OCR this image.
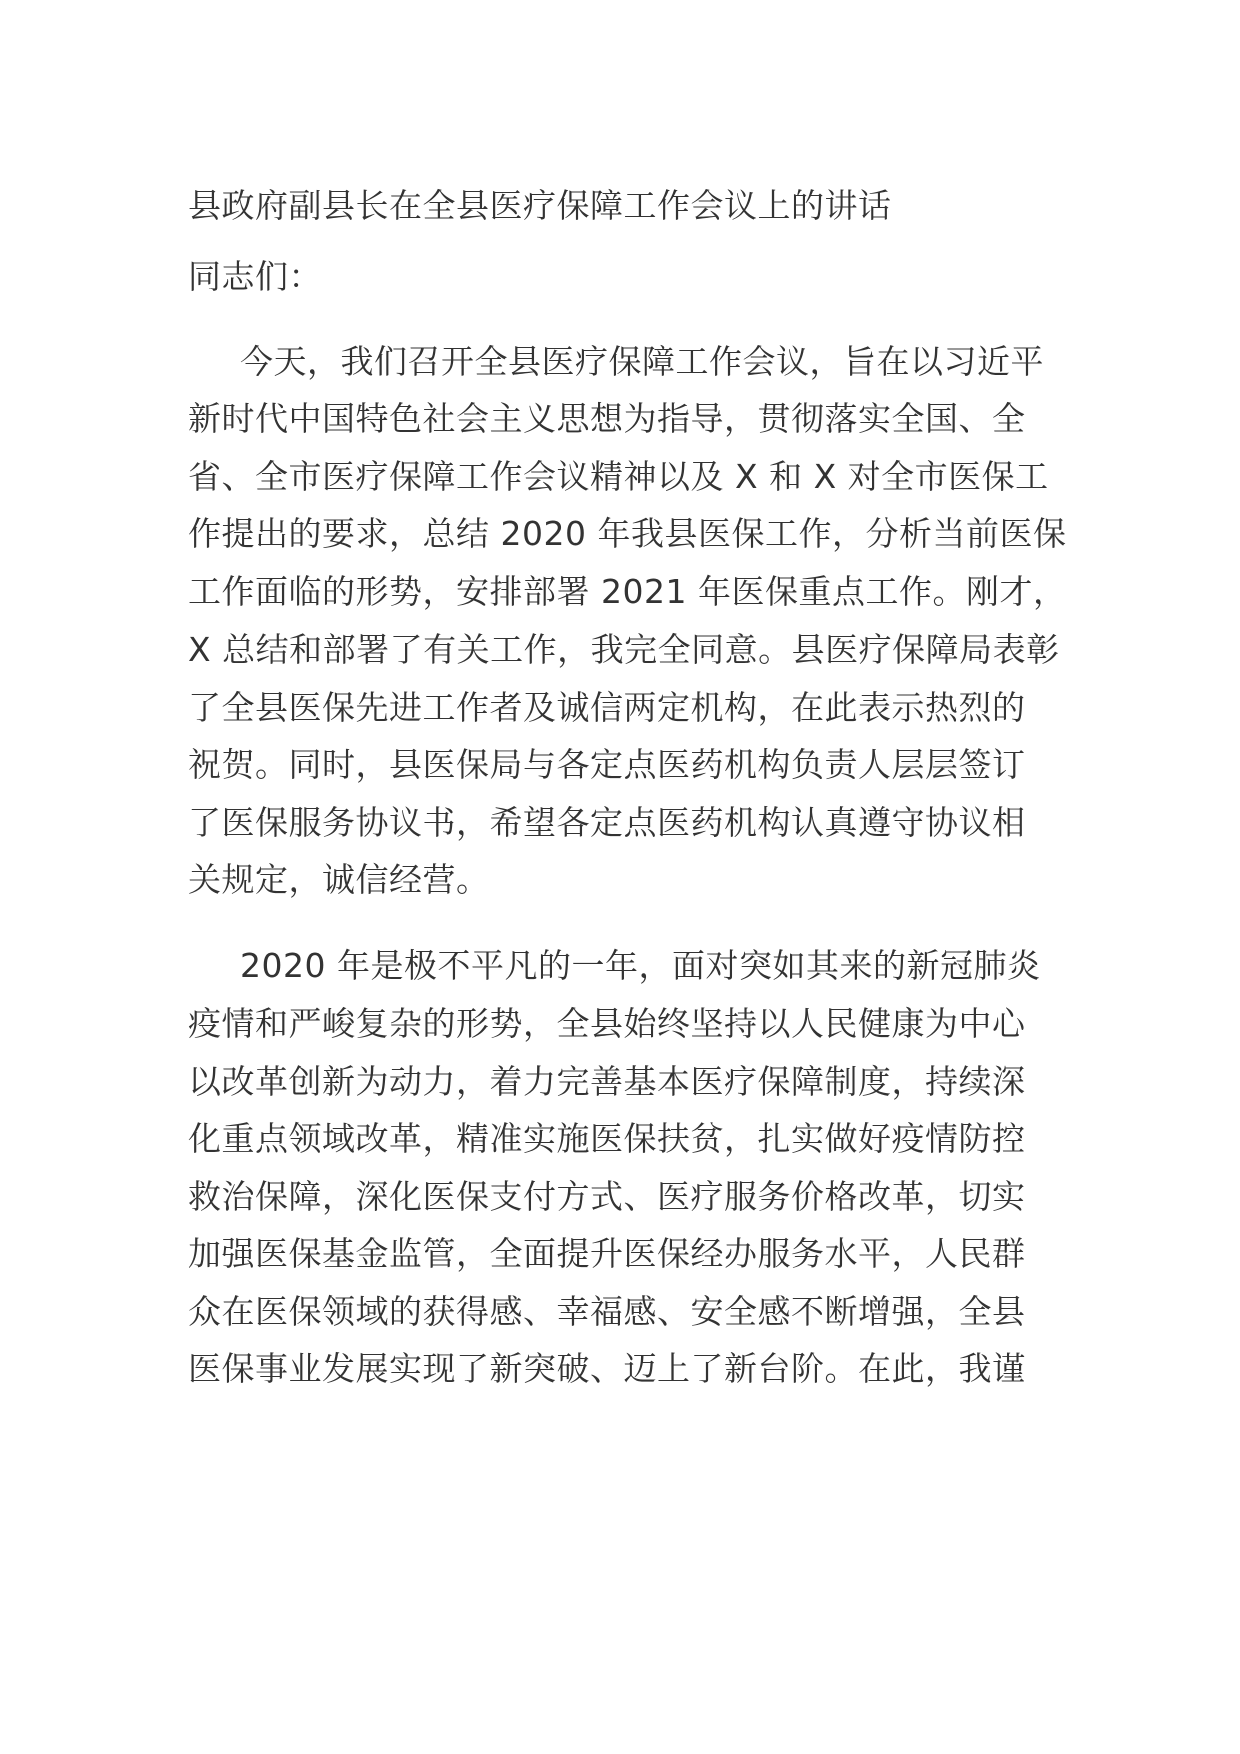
县政府副县长在全县医疗保障工作会议上的讲话
同志们：
今天，我们召开全县医疗保障工作会议，旨在以习近平
新时代中国特色社会主义思想为指导，贯彻落实全国、全
省、全市医疗保障工作会议精神以及 X 和 X 对全市医保工
作提出的要求，总结 2020 年我县医保工作，分析当前医保
工作面临的形势，安排部署 2021 年医保重点工作。刚才，
X 总结和部署了有关工作，我完全同意。县医疗保障局表彰
了全县医保先进工作者及诚信两定机构，在此表示热烈的
祝贺。同时，县医保局与各定点医药机构负责人层层签订
了医保服务协议书，希望各定点医药机构认真遵守协议相
关规定，诚信经营。
2020 年是极不平凡的一年，面对突如其来的新冠肺炎
疫情和严峻复杂的形势，全县始终坚持以人民健康为中心
以改革创新为动力，着力完善基本医疗保障制度，持续深
化重点领域改革，精准实施医保扶贫，扎实做好疫情防控
救治保障，深化医保支付方式、医疗服务价格改革，切实
加强医保基金监管，全面提升医保经办服务水平，人民群
众在医保领域的获得感、幸福感、安全感不断增强，全县
医保事业发展实现了新突破、迈上了新台阶。在此，我谨
